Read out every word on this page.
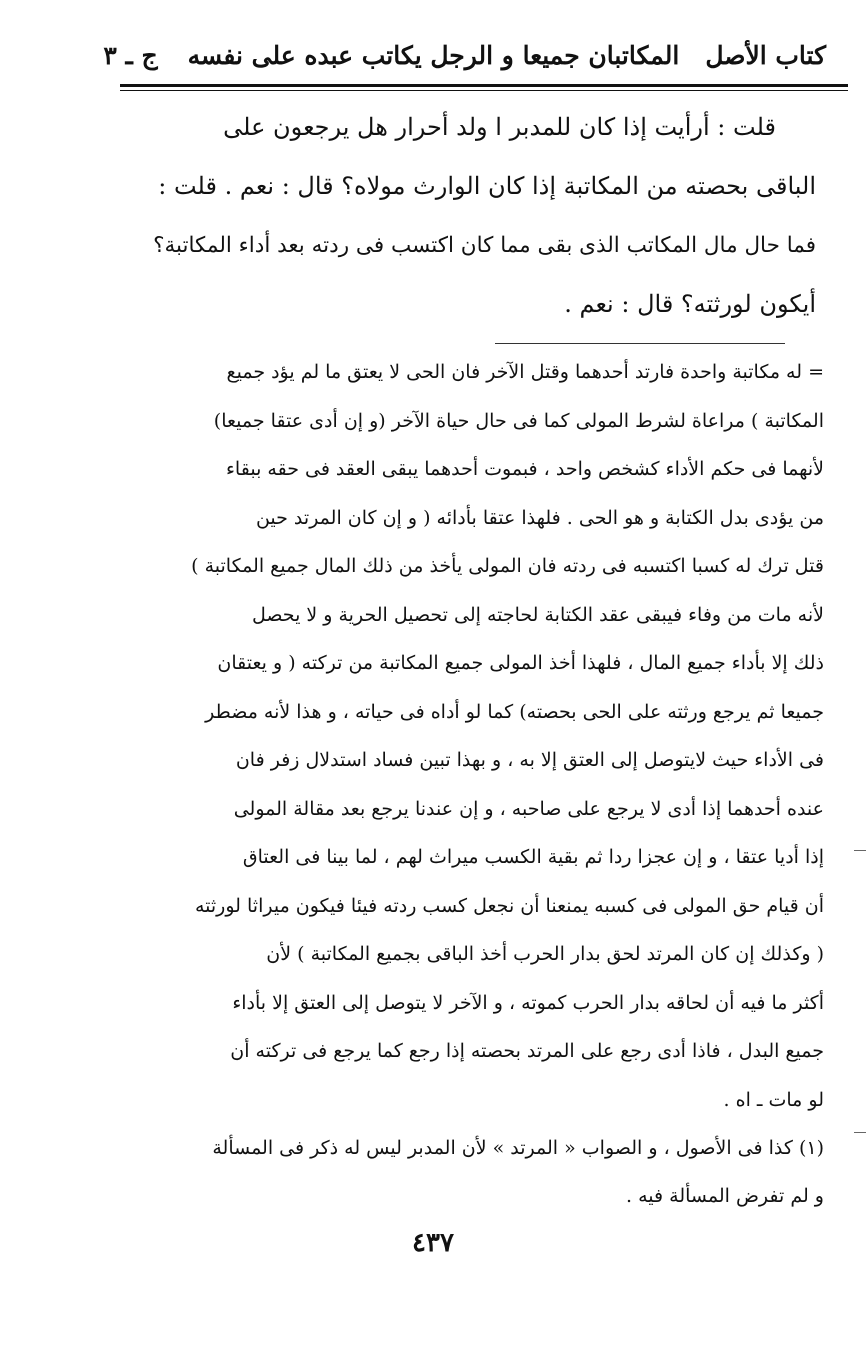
كتاب الأصل
المكاتبان جميعا و الرجل يكاتب عبده على نفسه
ج ـ ٣
قلت : أرأيت إذا كان للمدبر ا ولد أحرار هل يرجعون على
الباقى بحصته من المكاتبة إذا كان الوارث مولاه؟ قال : نعم . قلت :
فما حال مال المكاتب الذى بقى مما كان اكتسب فى ردته بعد أداء المكاتبة؟
أيكون لورثته؟ قال : نعم .
= له مكاتبة واحدة فارتد أحدهما وقتل الآخر فان الحى لا يعتق ما لم يؤد جميع
المكاتبة ) مراعاة لشرط المولى كما فى حال حياة الآخر (و إن أدى عتقا جميعا)
لأنهما فى حكم الأداء كشخص واحد ، فبموت أحدهما يبقى العقد فى حقه ببقاء
من يؤدى بدل الكتابة و هو الحى . فلهذا عتقا بأدائه ( و إن كان المرتد حين
قتل ترك له كسبا اكتسبه فى ردته فان المولى يأخذ من ذلك المال جميع المكاتبة )
لأنه مات من وفاء فيبقى عقد الكتابة لحاجته إلى تحصيل الحرية و لا يحصل
ذلك إلا بأداء جميع المال ، فلهذا أخذ المولى جميع المكاتبة من تركته ( و يعتقان
جميعا ثم يرجع ورثته على الحى بحصته) كما لو أداه فى حياته ، و هذا لأنه مضطر
فى الأداء حيث لايتوصل إلى العتق إلا به ، و بهذا تبين فساد استدلال زفر فان
عنده أحدهما إذا أدى لا يرجع على صاحبه ، و إن عندنا يرجع بعد مقالة المولى
إذا أديا عتقا ، و إن عجزا ردا ثم بقية الكسب ميراث لهم ، لما بينا فى العتاق
أن قيام حق المولى فى كسبه يمنعنا أن نجعل كسب ردته فيئا فيكون ميراثا لورثته
( وكذلك إن كان المرتد لحق بدار الحرب أخذ الباقى بجميع المكاتبة ) لأن
أكثر ما فيه أن لحاقه بدار الحرب كموته ، و الآخر لا يتوصل إلى العتق إلا بأداء
جميع البدل ، فاذا أدى رجع على المرتد بحصته إذا رجع كما يرجع فى تركته أن
لو مات ـ اه .
(١) كذا فى الأصول ، و الصواب « المرتد » لأن المدبر ليس له ذكر فى المسألة
و لم تفرض المسألة فيه .
٤٣٧
